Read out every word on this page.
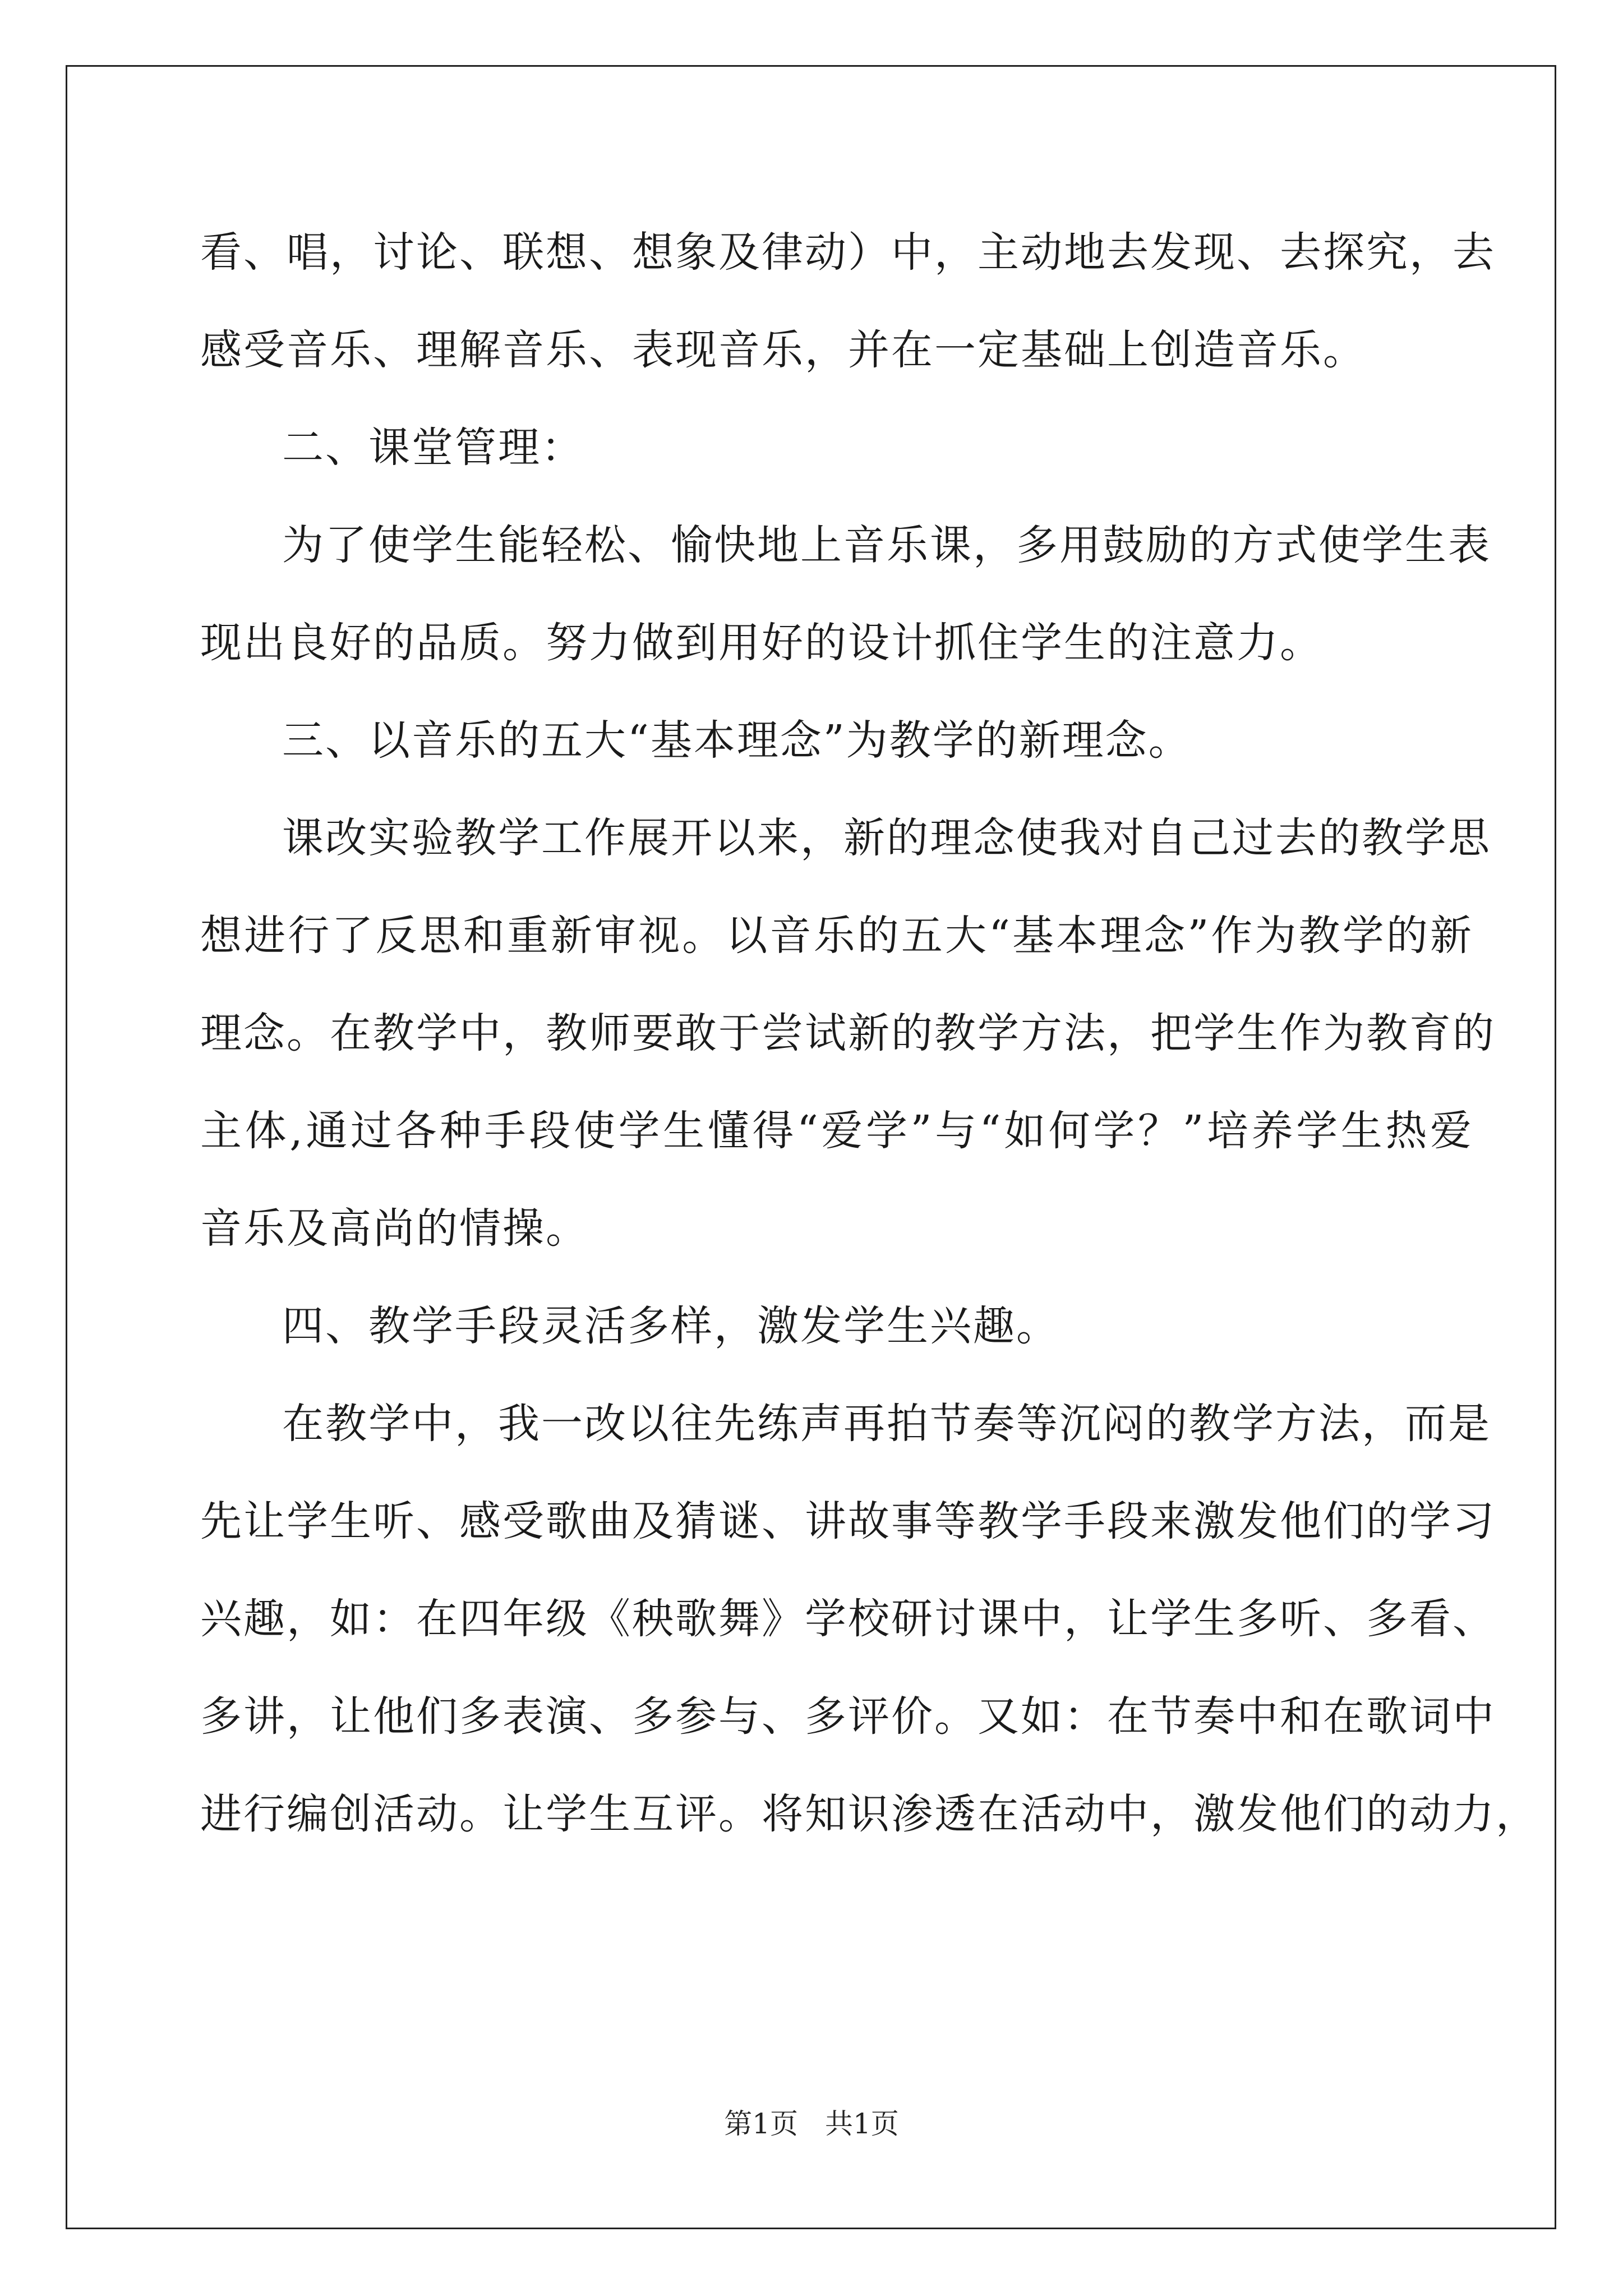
看、唱，讨论、联想、想象及律动）中，主动地去发现、去探究，去
感受音乐、理解音乐、表现音乐，并在一定基础上创造音乐。
二、课堂管理：
为了使学生能轻松、愉快地上音乐课，多用鼓励的方式使学生表
现出良好的品质。努力做到用好的设计抓住学生的注意力。
三、以音乐的五大“基本理念”为教学的新理念。
课改实验教学工作展开以来，新的理念使我对自己过去的教学思
想进行了反思和重新审视。以音乐的五大“基本理念”作为教学的新
理念。在教学中，教师要敢于尝试新的教学方法，把学生作为教育的
主体,通过各种手段使学生懂得“爱学”与“如何学？”培养学生热爱
音乐及高尚的情操。
四、教学手段灵活多样，激发学生兴趣。
在教学中，我一改以往先练声再拍节奏等沉闷的教学方法，而是
先让学生听、感受歌曲及猜谜、讲故事等教学手段来激发他们的学习
兴趣，如：在四年级《秧歌舞》学校研讨课中，让学生多听、多看、
多讲，让他们多表演、多参与、多评价。又如：在节奏中和在歌词中
进行编创活动。让学生互评。将知识渗透在活动中，激发他们的动力，
第1页 共1页
